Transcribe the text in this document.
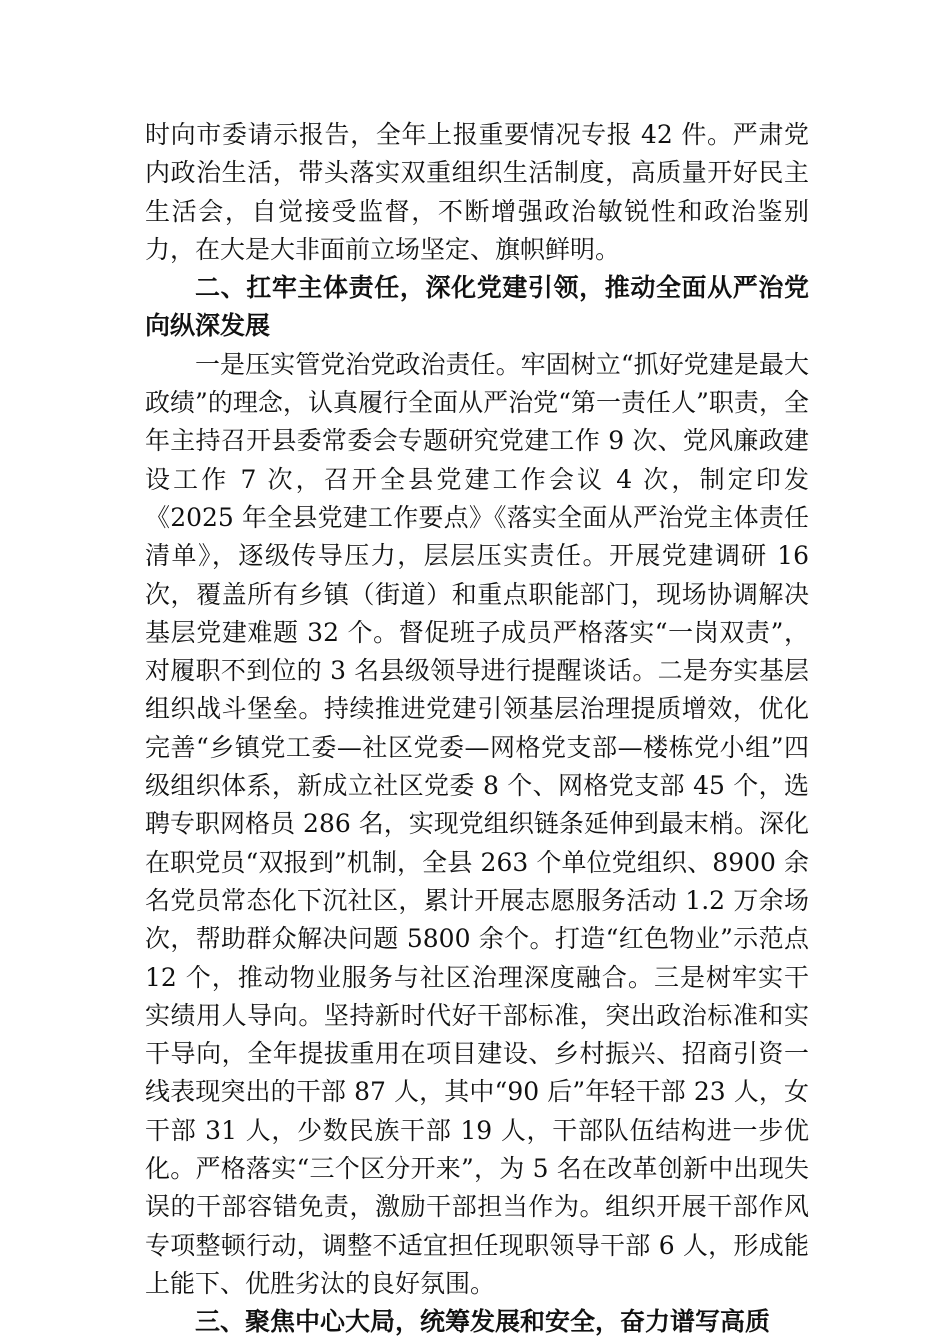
时向市委请示报告，全年上报重要情况专报 42 件。严肃党内政治生活，带头落实双重组织生活制度，高质量开好民主生活会，自觉接受监督，不断增强政治敏锐性和政治鉴别力，在大是大非面前立场坚定、旗帜鲜明。

二、扛牢主体责任，深化党建引领，推动全面从严治党向纵深发展

一是压实管党治党政治责任。牢固树立“抓好党建是最大政绩”的理念，认真履行全面从严治党“第一责任人”职责，全年主持召开县委常委会专题研究党建工作 9 次、党风廉政建设工作 7 次，召开全县党建工作会议 4 次，制定印发《2025 年全县党建工作要点》《落实全面从严治党主体责任清单》，逐级传导压力，层层压实责任。开展党建调研 16 次，覆盖所有乡镇（街道）和重点职能部门，现场协调解决基层党建难题 32 个。督促班子成员严格落实“一岗双责”，对履职不到位的 3 名县级领导进行提醒谈话。二是夯实基层组织战斗堡垒。持续推进党建引领基层治理提质增效，优化完善“乡镇党工委—社区党委—网格党支部—楼栋党小组”四级组织体系，新成立社区党委 8 个、网格党支部 45 个，选聘专职网格员 286 名，实现党组织链条延伸到最末梢。深化在职党员“双报到”机制，全县 263 个单位党组织、8900 余名党员常态化下沉社区，累计开展志愿服务活动 1.2 万余场次，帮助群众解决问题 5800 余个。打造“红色物业”示范点 12 个，推动物业服务与社区治理深度融合。三是树牢实干实绩用人导向。坚持新时代好干部标准，突出政治标准和实干导向，全年提拔重用在项目建设、乡村振兴、招商引资一线表现突出的干部 87 人，其中“90 后”年轻干部 23 人，女干部 31 人，少数民族干部 19 人，干部队伍结构进一步优化。严格落实“三个区分开来”，为 5 名在改革创新中出现失误的干部容错免责，激励干部担当作为。组织开展干部作风专项整顿行动，调整不适宜担任现职领导干部 6 人，形成能上能下、优胜劣汰的良好氛围。

三、聚焦中心大局，统筹发展和安全，奋力谱写高质
